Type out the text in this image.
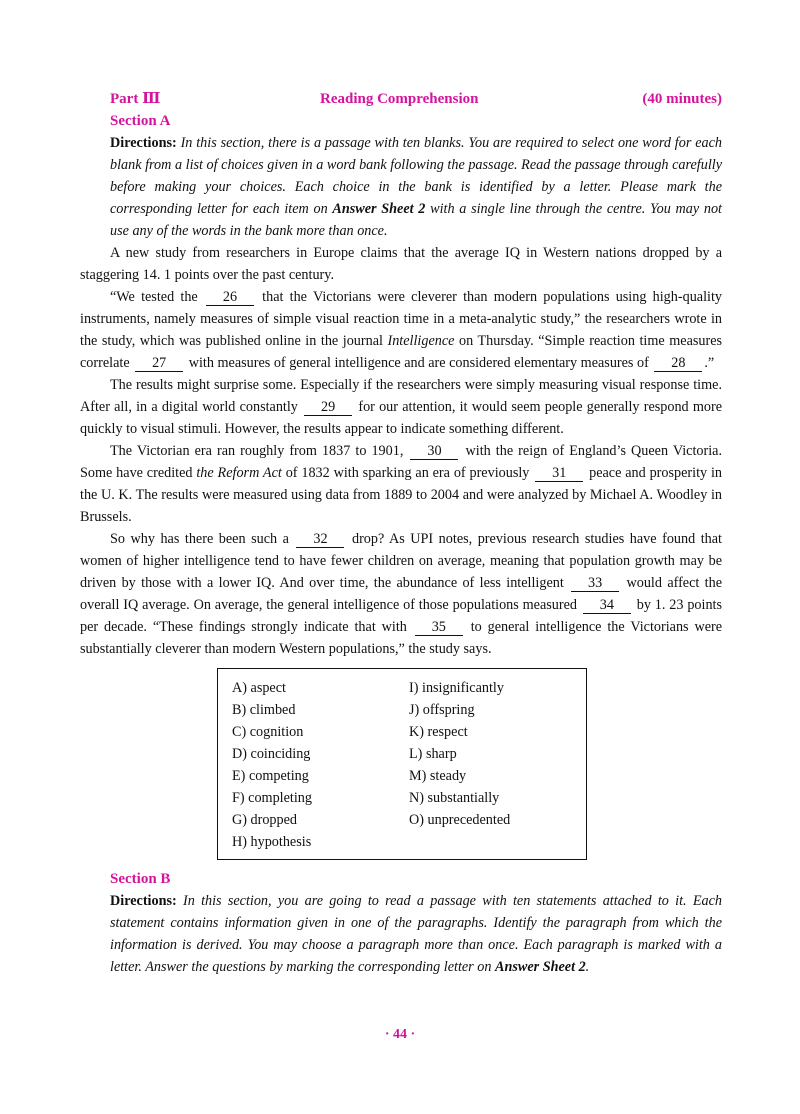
Part Ⅲ	Reading Comprehension	(40 minutes)
Section A

Directions: In this section, there is a passage with ten blanks. You are required to select one word for each blank from a list of choices given in a word bank following the passage. Read the passage through carefully before making your choices. Each choice in the bank is identified by a letter. Please mark the corresponding letter for each item on Answer Sheet 2 with a single line through the centre. You may not use any of the words in the bank more than once.

A new study from researchers in Europe claims that the average IQ in Western nations dropped by a staggering 14. 1 points over the past century.

“We tested the 26 that the Victorians were cleverer than modern populations using high-quality instruments, namely measures of simple visual reaction time in a meta-analytic study,” the researchers wrote in the study, which was published online in the journal Intelligence on Thursday. “Simple reaction time measures correlate 27 with measures of general intelligence and are considered elementary measures of 28 .”

The results might surprise some. Especially if the researchers were simply measuring visual response time. After all, in a digital world constantly 29 for our attention, it would seem people generally respond more quickly to visual stimuli. However, the results appear to indicate something different.

The Victorian era ran roughly from 1837 to 1901, 30 with the reign of England’s Queen Victoria. Some have credited the Reform Act of 1832 with sparking an era of previously 31 peace and prosperity in the U. K. The results were measured using data from 1889 to 2004 and were analyzed by Michael A. Woodley in Brussels.

So why has there been such a 32 drop? As UPI notes, previous research studies have found that women of higher intelligence tend to have fewer children on average, meaning that population growth may be driven by those with a lower IQ. And over time, the abundance of less intelligent 33 would affect the overall IQ average. On average, the general intelligence of those populations measured 34 by 1. 23 points per decade. “These findings strongly indicate that with 35 to general intelligence the Victorians were substantially cleverer than modern Western populations,” the study says.

A) aspect
B) climbed
C) cognition
D) coinciding
E) competing
F) completing
G) dropped
H) hypothesis
I) insignificantly
J) offspring
K) respect
L) sharp
M) steady
N) substantially
O) unprecedented
Section B

Directions: In this section, you are going to read a passage with ten statements attached to it. Each statement contains information given in one of the paragraphs. Identify the paragraph from which the information is derived. You may choose a paragraph more than once. Each paragraph is marked with a letter. Answer the questions by marking the corresponding letter on Answer Sheet 2.

· 44 ·
